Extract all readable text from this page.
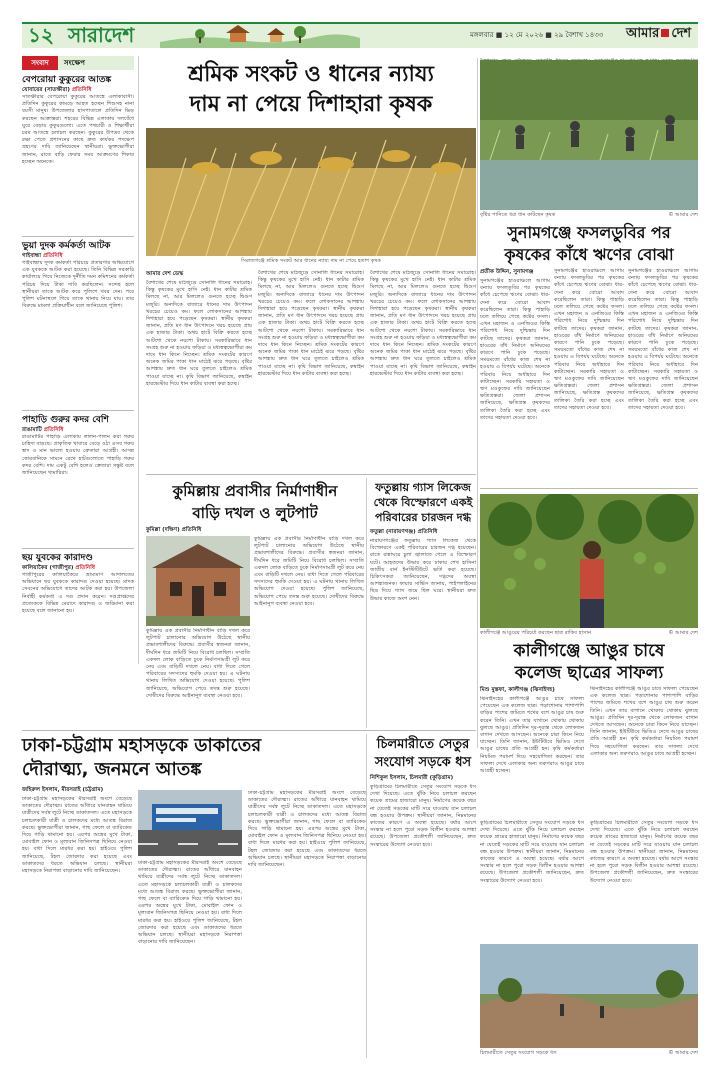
১২ সারাদেশ	মঙ্গলবার ■ ১২ মে ২০২৬ ■ ২৯ বৈশাখ ১৪৩৩ আমার দেশ
সংবাদ	সংক্ষেপ
বেপরোয়া কুকুরের আতঙ্ক
যোবায়ের (সাতক্ষীরা) প্রতিনিধি
সাতক্ষীরার বেপরোয়া কুকুরের আতঙ্কে এলাকাবাসী। প্রতিদিন কুকুরের কামড়ে আহত হচ্ছেন শিশুসহ নানা বয়সী মানুষ। উপজেলার হাসপাতালে প্রতিদিন ভিড় করছেন আক্রান্তরা। শহরের বিভিন্ন এলাকায় দলবেঁধে ঘুরে বেড়ায় কুকুরগুলো। এতে পথচারী ও শিক্ষার্থীরা চরম আতঙ্কে চলাচল করছেন। কুকুরের উপদ্রব থেকে রক্ষা পেতে প্রশাসনের কাছে দ্রুত কার্যকর পদক্ষেপ গ্রহণের দাবি জানিয়েছেন স্থানীয়রা। ভুক্তভোগীরা জানান, রাতে বাড়ি ফেরার সময় আক্রমণের শিকার হচ্ছেন অনেকে।
ভুয়া দুদক কর্মকর্তা আটক
গাইবান্ধা প্রতিনিধি
গাইবান্ধায় দুদক কর্মকর্তা পরিচয়ে প্রতারণার অভিযোগে এক যুবককে আটক করা হয়েছে। তিনি বিভিন্ন সরকারি কার্যালয়ে গিয়ে নিজেকে দুর্নীতি দমন কমিশনের কর্মকর্তা পরিচয় দিয়ে টাকা দাবি করছিলেন। সন্দেহ হলে স্থানীয়রা তাকে আটক করে পুলিশে খবর দেন। পরে পুলিশ ঘটনাস্থলে গিয়ে তাকে থানায় নিয়ে যায়। তার বিরুদ্ধে মামলা প্রক্রিয়াধীন বলে জানিয়েছে পুলিশ।
পাহাড়ি গুরুর কদর বেশি
রাঙামাটি প্রতিনিধি
রাঙামাটির পাহাড়ি এলাকায় লালন-পালন করা গরুর চাহিদা বাড়ছে। প্রাকৃতিক খাবারে বেড়ে ওঠা এসব গরুর স্বাদ ও মান ভালো হওয়ায় ক্রেতারা আগ্রহী। আসন্ন কোরবানিকে সামনে রেখে হাটগুলোতে পাহাড়ি গরুর কদর বেশি। দাম একটু বেশি হলেও ক্রেতারা সন্তুষ্ট বলে জানিয়েছেন খামারিরা।
ছয় যুবকের কারাদণ্ড
কালিয়াকৈর (গাজীপুর) প্রতিনিধি
গাজীপুরের কালিয়াকৈরে ভ্রাম্যমাণ আদালতের অভিযানে ছয় যুবককে কারাদণ্ড দেওয়া হয়েছে। মাদক সেবনের অভিযোগে তাদের আটক করা হয়। উপজেলা নির্বাহী কর্মকর্তা এ দণ্ড প্রদান করেন। দণ্ডপ্রাপ্তদের প্রত্যেককে বিভিন্ন মেয়াদে কারাদণ্ড ও জরিমানা করা হয়েছে বলে জানানো হয়।
শ্রমিক সংকট ও ধানের ন্যায্য
দাম না পেয়ে দিশাহারা কৃষক
সিরাজগঞ্জে শ্রমিক সংকট আর ধানের ন্যায্য দাম না পেয়ে হতাশ কৃষক
আমার দেশ ডেস্ক
বৈশাখের শেষে মাঠজুড়ে সোনালি ধানের সমারোহ। কিন্তু কৃষকের মুখে হাসি নেই। ধান কাটার শ্রমিক মিলছে না, আর মিললেও গুনতে হচ্ছে দ্বিগুণ মজুরি। অন্যদিকে বাজারে ধানের দাম উৎপাদন খরচের চেয়েও কম। ফলে লোকসানের আশঙ্কায় দিশাহারা হয়ে পড়েছেন কৃষকরা। স্থানীয় কৃষকরা জানান, প্রতি মণ ধান উৎপাদনে খরচ হয়েছে প্রায় এক হাজার টাকা। অথচ হাটে বিক্রি করতে হচ্ছে আটশো থেকে নয়শো টাকায়। সরকারিভাবে ধান সংগ্রহ শুরু না হওয়ায় ফড়িয়া ও মধ্যস্বত্বভোগীরা কম দামে ধান কিনে নিচ্ছেন। শ্রমিক সংকটের কারণে অনেক জমির পাকা ধান মাঠেই ঝরে পড়ছে। বৃষ্টির আশঙ্কায় দ্রুত ধান ঘরে তুলতে চাইলেও শ্রমিক পাওয়া যাচ্ছে না। কৃষি বিভাগ জানিয়েছে, কম্বাইন হারভেস্টার দিয়ে ধান কাটার ব্যবস্থা করা হচ্ছে।
বৈশাখের শেষে মাঠজুড়ে সোনালি ধানের সমারোহ। কিন্তু কৃষকের মুখে হাসি নেই। ধান কাটার শ্রমিক মিলছে না, আর মিললেও গুনতে হচ্ছে দ্বিগুণ মজুরি। অন্যদিকে বাজারে ধানের দাম উৎপাদন খরচের চেয়েও কম। ফলে লোকসানের আশঙ্কায় দিশাহারা হয়ে পড়েছেন কৃষকরা। স্থানীয় কৃষকরা জানান, প্রতি মণ ধান উৎপাদনে খরচ হয়েছে প্রায় এক হাজার টাকা। অথচ হাটে বিক্রি করতে হচ্ছে আটশো থেকে নয়শো টাকায়। সরকারিভাবে ধান সংগ্রহ শুরু না হওয়ায় ফড়িয়া ও মধ্যস্বত্বভোগীরা কম দামে ধান কিনে নিচ্ছেন। শ্রমিক সংকটের কারণে অনেক জমির পাকা ধান মাঠেই ঝরে পড়ছে। বৃষ্টির আশঙ্কায় দ্রুত ধান ঘরে তুলতে চাইলেও শ্রমিক পাওয়া যাচ্ছে না। কৃষি বিভাগ জানিয়েছে, কম্বাইন হারভেস্টার দিয়ে ধান কাটার ব্যবস্থা করা হচ্ছে।
বৈশাখের শেষে মাঠজুড়ে সোনালি ধানের সমারোহ। কিন্তু কৃষকের মুখে হাসি নেই। ধান কাটার শ্রমিক মিলছে না, আর মিললেও গুনতে হচ্ছে দ্বিগুণ মজুরি। অন্যদিকে বাজারে ধানের দাম উৎপাদন খরচের চেয়েও কম। ফলে লোকসানের আশঙ্কায় দিশাহারা হয়ে পড়েছেন কৃষকরা। স্থানীয় কৃষকরা জানান, প্রতি মণ ধান উৎপাদনে খরচ হয়েছে প্রায় এক হাজার টাকা। অথচ হাটে বিক্রি করতে হচ্ছে আটশো থেকে নয়শো টাকায়। সরকারিভাবে ধান সংগ্রহ শুরু না হওয়ায় ফড়িয়া ও মধ্যস্বত্বভোগীরা কম দামে ধান কিনে নিচ্ছেন। শ্রমিক সংকটের কারণে অনেক জমির পাকা ধান মাঠেই ঝরে পড়ছে। বৃষ্টির আশঙ্কায় দ্রুত ধান ঘরে তুলতে চাইলেও শ্রমিক পাওয়া যাচ্ছে না। কৃষি বিভাগ জানিয়েছে, কম্বাইন হারভেস্টার দিয়ে ধান কাটার ব্যবস্থা করা হচ্ছে।
বৃষ্টির পানিতে ধরা ধান কাটছেন কৃষক	© আমার দেশ
সুনামগঞ্জে ফসলডুবির পর
কৃষকের কাঁধে ঋণের বোঝা
প্রতীক উদ্দিন, সুনামগঞ্জ
সুনামগঞ্জের হাওরাঞ্চলে আগাম বন্যায় ফসলডুবির পর কৃষকের কাঁধে চেপেছে ঋণের বোঝা। ধার-দেনা করে বোরো আবাদ করেছিলেন তারা। কিন্তু পাহাড়ি ঢলে তলিয়ে গেছে কষ্টের ফসল। এখন মহাজন ও এনজিওর কিস্তি পরিশোধ নিয়ে দুশ্চিন্তায় দিন কাটছে তাদের। কৃষকরা জানান, হাওরের বাঁধ নির্মাণে অনিয়মের কারণে পানি ঢুকে পড়েছে। সময়মতো বাঁধের কাজ শেষ না হওয়ায় এ বিপর্যয় ঘটেছে। অনেকে পরিবার নিয়ে অর্ধাহারে দিন কাটাচ্ছেন। সরকারি সহায়তা ও ঋণ মওকুফের দাবি জানিয়েছেন ক্ষতিগ্রস্তরা। জেলা প্রশাসন জানিয়েছে, ক্ষতিগ্রস্ত কৃষকদের তালিকা তৈরি করা হচ্ছে এবং তাদের সহায়তা দেওয়া হবে।
সুনামগঞ্জের হাওরাঞ্চলে আগাম বন্যায় ফসলডুবির পর কৃষকের কাঁধে চেপেছে ঋণের বোঝা। ধার-দেনা করে বোরো আবাদ করেছিলেন তারা। কিন্তু পাহাড়ি ঢলে তলিয়ে গেছে কষ্টের ফসল। এখন মহাজন ও এনজিওর কিস্তি পরিশোধ নিয়ে দুশ্চিন্তায় দিন কাটছে তাদের। কৃষকরা জানান, হাওরের বাঁধ নির্মাণে অনিয়মের কারণে পানি ঢুকে পড়েছে। সময়মতো বাঁধের কাজ শেষ না হওয়ায় এ বিপর্যয় ঘটেছে। অনেকে পরিবার নিয়ে অর্ধাহারে দিন কাটাচ্ছেন। সরকারি সহায়তা ও ঋণ মওকুফের দাবি জানিয়েছেন ক্ষতিগ্রস্তরা। জেলা প্রশাসন জানিয়েছে, ক্ষতিগ্রস্ত কৃষকদের তালিকা তৈরি করা হচ্ছে এবং তাদের সহায়তা দেওয়া হবে।
সুনামগঞ্জের হাওরাঞ্চলে আগাম বন্যায় ফসলডুবির পর কৃষকের কাঁধে চেপেছে ঋণের বোঝা। ধার-দেনা করে বোরো আবাদ করেছিলেন তারা। কিন্তু পাহাড়ি ঢলে তলিয়ে গেছে কষ্টের ফসল। এখন মহাজন ও এনজিওর কিস্তি পরিশোধ নিয়ে দুশ্চিন্তায় দিন কাটছে তাদের। কৃষকরা জানান, হাওরের বাঁধ নির্মাণে অনিয়মের কারণে পানি ঢুকে পড়েছে। সময়মতো বাঁধের কাজ শেষ না হওয়ায় এ বিপর্যয় ঘটেছে। অনেকে পরিবার নিয়ে অর্ধাহারে দিন কাটাচ্ছেন। সরকারি সহায়তা ও ঋণ মওকুফের দাবি জানিয়েছেন ক্ষতিগ্রস্তরা। জেলা প্রশাসন জানিয়েছে, ক্ষতিগ্রস্ত কৃষকদের তালিকা তৈরি করা হচ্ছে এবং তাদের সহায়তা দেওয়া হবে।
কুমিল্লায় প্রবাসীর নির্মাণাধীন
বাড়ি দখল ও লুটপাট
কুমিল্লা (দক্ষিণ) প্রতিনিধি
কুমিল্লায় এক প্রবাসীর নির্মাণাধীন বাড়ি দখল করে লুটপাট চালানোর অভিযোগ উঠেছে স্থানীয় প্রভাবশালীদের বিরুদ্ধে। প্রবাসীর স্বজনরা জানান, দীর্ঘদিন ধরে জমিটি নিয়ে বিরোধ চলছিল। সম্প্রতি একদল লোক বাড়িতে ঢুকে নির্মাণসামগ্রী লুট করে নেয় এবং বাড়িটি দখলে নেয়। বাধা দিতে গেলে পরিবারের সদস্যদের হুমকি দেওয়া হয়। এ ঘটনায় থানায় লিখিত অভিযোগ দেওয়া হয়েছে। পুলিশ জানিয়েছে, অভিযোগ পেয়ে তদন্ত শুরু হয়েছে। দোষীদের বিরুদ্ধে আইনানুগ ব্যবস্থা নেওয়া হবে।
কুমিল্লায় এক প্রবাসীর নির্মাণাধীন বাড়ি দখল করে লুটপাট চালানোর অভিযোগ উঠেছে স্থানীয় প্রভাবশালীদের বিরুদ্ধে। প্রবাসীর স্বজনরা জানান, দীর্ঘদিন ধরে জমিটি নিয়ে বিরোধ চলছিল। সম্প্রতি একদল লোক বাড়িতে ঢুকে নির্মাণসামগ্রী লুট করে নেয় এবং বাড়িটি দখলে নেয়। বাধা দিতে গেলে পরিবারের সদস্যদের হুমকি দেওয়া হয়। এ ঘটনায় থানায় লিখিত অভিযোগ দেওয়া হয়েছে। পুলিশ জানিয়েছে, অভিযোগ পেয়ে তদন্ত শুরু হয়েছে। দোষীদের বিরুদ্ধে আইনানুগ ব্যবস্থা নেওয়া হবে।
ফতুল্লায় গ্যাস লিকেজ
থেকে বিস্ফোরণে একই
পরিবারের চারজন দগ্ধ
ফতুল্লা (নারায়ণগঞ্জ) প্রতিনিধি
নারায়ণগঞ্জের ফতুল্লায় গ্যাস লিকেজ থেকে বিস্ফোরণে একই পরিবারের চারজন দগ্ধ হয়েছেন। রাতে রান্নাঘরে চুলা জ্বালাতে গেলে এ বিস্ফোরণ ঘটে। আহতদের উদ্ধার করে ঢাকার শেখ হাসিনা জাতীয় বার্ন ইনস্টিটিউটে ভর্তি করা হয়েছে। চিকিৎসকরা জানিয়েছেন, দগ্ধদের অবস্থা আশঙ্কাজনক। ফায়ার সার্ভিস জানায়, পাইপলাইনের ছিদ্র দিয়ে গ্যাস জমে ছিল ঘরে। স্থানীয়রা দ্রুত উদ্ধার কাজে অংশ নেন।
কালীগঞ্জে আঙুরের পরিচর্যা করছেন ছাত্র রাকিব হাসান	© আমার দেশ
কালীগঞ্জে আঙুর চাষে
কলেজ ছাত্রের সাফল্য
মিশু মুস্তফা, কালীগঞ্জ (ঝিনাইদহ)
ঝিনাইদহের কালীগঞ্জে আঙুর চাষে সাফল্য পেয়েছেন এক কলেজ ছাত্র। পড়াশোনার পাশাপাশি বাড়ির পাশের জমিতে শখের বশে আঙুর চাষ শুরু করেন তিনি। এখন তার বাগানে থোকায় থোকায় ঝুলছে আঙুর। প্রতিদিন দূর-দূরান্ত থেকে লোকজন বাগান দেখতে আসছেন। অনেকে চারা কিনে নিয়ে যাচ্ছেন। তিনি জানান, ইউটিউবে ভিডিও দেখে আঙুর চাষের প্রতি আগ্রহী হন। কৃষি কর্মকর্তারা নিয়মিত পরামর্শ দিয়ে সহযোগিতা করছেন। তার সাফল্য দেখে এলাকার অন্য তরুণরাও আঙুর চাষে আগ্রহী হচ্ছেন।
ঝিনাইদহের কালীগঞ্জে আঙুর চাষে সাফল্য পেয়েছেন এক কলেজ ছাত্র। পড়াশোনার পাশাপাশি বাড়ির পাশের জমিতে শখের বশে আঙুর চাষ শুরু করেন তিনি। এখন তার বাগানে থোকায় থোকায় ঝুলছে আঙুর। প্রতিদিন দূর-দূরান্ত থেকে লোকজন বাগান দেখতে আসছেন। অনেকে চারা কিনে নিয়ে যাচ্ছেন। তিনি জানান, ইউটিউবে ভিডিও দেখে আঙুর চাষের প্রতি আগ্রহী হন। কৃষি কর্মকর্তারা নিয়মিত পরামর্শ দিয়ে সহযোগিতা করছেন। তার সাফল্য দেখে এলাকার অন্য তরুণরাও আঙুর চাষে আগ্রহী হচ্ছেন।
ঢাকা-চট্টগ্রাম মহাসড়কে ডাকাতের
দৌরাত্ম্য, জনমনে আতঙ্ক
জহিরুল ইসলাম, মীরসরাই (চট্টগ্রাম)
ঢাকা-চট্টগ্রাম মহাসড়কের মীরসরাই অংশে বেড়েছে ডাকাতের দৌরাত্ম্য। রাতের আঁধারে যানবাহন থামিয়ে যাত্রীদের সর্বস্ব লুটে নিচ্ছে ডাকাতদল। এতে মহাসড়কে চলাচলকারী যাত্রী ও চালকদের মধ্যে আতঙ্ক বিরাজ করছে। ভুক্তভোগীরা জানান, গাছ ফেলে বা ব্যারিকেড দিয়ে গাড়ি থামানো হয়। এরপর অস্ত্রের মুখে টাকা, মোবাইল ফোন ও মূল্যবান জিনিসপত্র ছিনিয়ে নেওয়া হয়। বাধা দিলে মারধর করা হয়। হাইওয়ে পুলিশ জানিয়েছে, টহল জোরদার করা হয়েছে এবং ডাকাতদের ধরতে অভিযান চলছে। স্থানীয়রা মহাসড়কে নিরাপত্তা বাড়ানোর দাবি জানিয়েছেন।
ঢাকা-চট্টগ্রাম মহাসড়কের মীরসরাই অংশে বেড়েছে ডাকাতের দৌরাত্ম্য। রাতের আঁধারে যানবাহন থামিয়ে যাত্রীদের সর্বস্ব লুটে নিচ্ছে ডাকাতদল। এতে মহাসড়কে চলাচলকারী যাত্রী ও চালকদের মধ্যে আতঙ্ক বিরাজ করছে। ভুক্তভোগীরা জানান, গাছ ফেলে বা ব্যারিকেড দিয়ে গাড়ি থামানো হয়। এরপর অস্ত্রের মুখে টাকা, মোবাইল ফোন ও মূল্যবান জিনিসপত্র ছিনিয়ে নেওয়া হয়। বাধা দিলে মারধর করা হয়। হাইওয়ে পুলিশ জানিয়েছে, টহল জোরদার করা হয়েছে এবং ডাকাতদের ধরতে অভিযান চলছে। স্থানীয়রা মহাসড়কে নিরাপত্তা বাড়ানোর দাবি জানিয়েছেন।
ঢাকা-চট্টগ্রাম মহাসড়কের মীরসরাই অংশে বেড়েছে ডাকাতের দৌরাত্ম্য। রাতের আঁধারে যানবাহন থামিয়ে যাত্রীদের সর্বস্ব লুটে নিচ্ছে ডাকাতদল। এতে মহাসড়কে চলাচলকারী যাত্রী ও চালকদের মধ্যে আতঙ্ক বিরাজ করছে। ভুক্তভোগীরা জানান, গাছ ফেলে বা ব্যারিকেড দিয়ে গাড়ি থামানো হয়। এরপর অস্ত্রের মুখে টাকা, মোবাইল ফোন ও মূল্যবান জিনিসপত্র ছিনিয়ে নেওয়া হয়। বাধা দিলে মারধর করা হয়। হাইওয়ে পুলিশ জানিয়েছে, টহল জোরদার করা হয়েছে এবং ডাকাতদের ধরতে অভিযান চলছে। স্থানীয়রা মহাসড়কে নিরাপত্তা বাড়ানোর দাবি জানিয়েছেন।
চিলমারীতে সেতুর
সংযোগ সড়কে ধস
নিশিকুল ইসলাম, চিলমারী (কুড়িগ্রাম)
কুড়িগ্রামের চিলমারীতে সেতুর সংযোগ সড়কে ধস দেখা দিয়েছে। এতে ঝুঁকি নিয়ে চলাচল করছেন কয়েক গ্রামের হাজারো মানুষ। নির্মাণের কয়েক বছর না যেতেই সড়কের মাটি সরে যাওয়ায় যান চলাচল বন্ধ হওয়ার উপক্রম। স্থানীয়রা জানান, নিম্নমানের কাজের কারণে এ অবস্থা হয়েছে। বর্ষার আগে সংস্কার না হলে পুরো সড়ক বিলীন হওয়ার আশঙ্কা রয়েছে। উপজেলা প্রকৌশলী জানিয়েছেন, দ্রুত সংস্কারের উদ্যোগ নেওয়া হবে।
কুড়িগ্রামের চিলমারীতে সেতুর সংযোগ সড়কে ধস দেখা দিয়েছে। এতে ঝুঁকি নিয়ে চলাচল করছেন কয়েক গ্রামের হাজারো মানুষ। নির্মাণের কয়েক বছর না যেতেই সড়কের মাটি সরে যাওয়ায় যান চলাচল বন্ধ হওয়ার উপক্রম। স্থানীয়রা জানান, নিম্নমানের কাজের কারণে এ অবস্থা হয়েছে। বর্ষার আগে সংস্কার না হলে পুরো সড়ক বিলীন হওয়ার আশঙ্কা রয়েছে। উপজেলা প্রকৌশলী জানিয়েছেন, দ্রুত সংস্কারের উদ্যোগ নেওয়া হবে।
কুড়িগ্রামের চিলমারীতে সেতুর সংযোগ সড়কে ধস দেখা দিয়েছে। এতে ঝুঁকি নিয়ে চলাচল করছেন কয়েক গ্রামের হাজারো মানুষ। নির্মাণের কয়েক বছর না যেতেই সড়কের মাটি সরে যাওয়ায় যান চলাচল বন্ধ হওয়ার উপক্রম। স্থানীয়রা জানান, নিম্নমানের কাজের কারণে এ অবস্থা হয়েছে। বর্ষার আগে সংস্কার না হলে পুরো সড়ক বিলীন হওয়ার আশঙ্কা রয়েছে। উপজেলা প্রকৌশলী জানিয়েছেন, দ্রুত সংস্কারের উদ্যোগ নেওয়া হবে।
চিলমারীতে সেতুর সংযোগ সড়কে ধস	© আমার দেশ
